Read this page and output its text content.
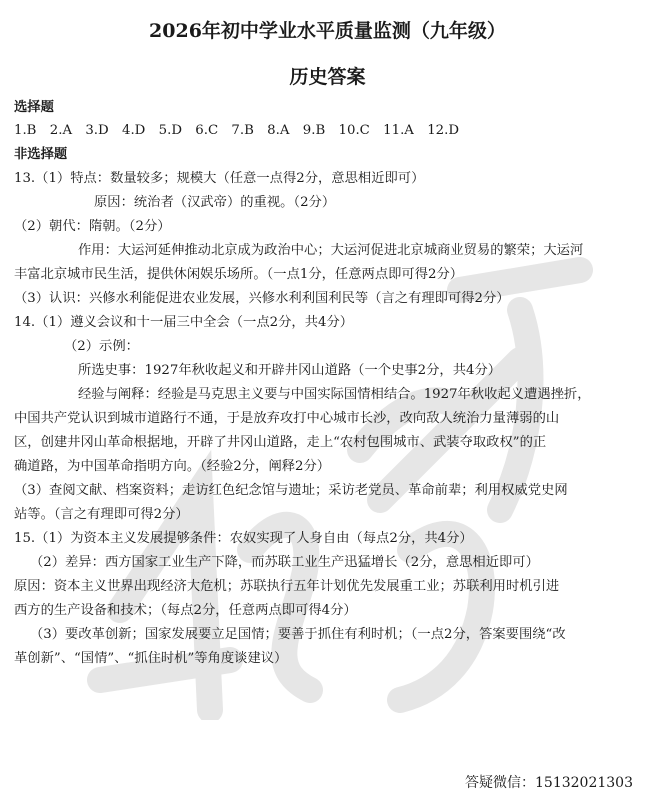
2026年初中学业水平质量监测（九年级）
历史答案
选择题
1.B　2.A　3.D　4.D　5.D　6.C　7.B　8.A　9.B　10.C　11.A　12.D
非选择题
13.（1）特点：数量较多；规模大（任意一点得2分，意思相近即可）
原因：统治者（汉武帝）的重视。（2分）
（2）朝代：隋朝。（2分）
作用：大运河延伸推动北京成为政治中心；大运河促进北京城商业贸易的繁荣；大运河
丰富北京城市民生活，提供休闲娱乐场所。（一点1分，任意两点即可得2分）
（3）认识：兴修水利能促进农业发展，兴修水利利国利民等（言之有理即可得2分）
14.（1）遵义会议和十一届三中全会（一点2分，共4分）
（2）示例：
所选史事：1927年秋收起义和开辟井冈山道路（一个史事2分，共4分）
经验与阐释：经验是马克思主义要与中国实际国情相结合。1927年秋收起义遭遇挫折，
中国共产党认识到城市道路行不通，于是放弃攻打中心城市长沙，改向敌人统治力量薄弱的山
区，创建井冈山革命根据地，开辟了井冈山道路，走上“农村包围城市、武装夺取政权”的正
确道路，为中国革命指明方向。（经验2分，阐释2分）
（3）查阅文献、档案资料；走访红色纪念馆与遗址；采访老党员、革命前辈；利用权威党史网
站等。（言之有理即可得2分）
15.（1）为资本主义发展提够条件：农奴实现了人身自由（每点2分，共4分）
（2）差异：西方国家工业生产下降，而苏联工业生产迅猛增长（2分，意思相近即可）
原因：资本主义世界出现经济大危机；苏联执行五年计划优先发展重工业；苏联利用时机引进
西方的生产设备和技术；（每点2分，任意两点即可得4分）
（3）要改革创新；国家发展要立足国情；要善于抓住有利时机；（一点2分，答案要围绕“改
革创新”、“国情”、“抓住时机”等角度谈建议）
答疑微信：15132021303
